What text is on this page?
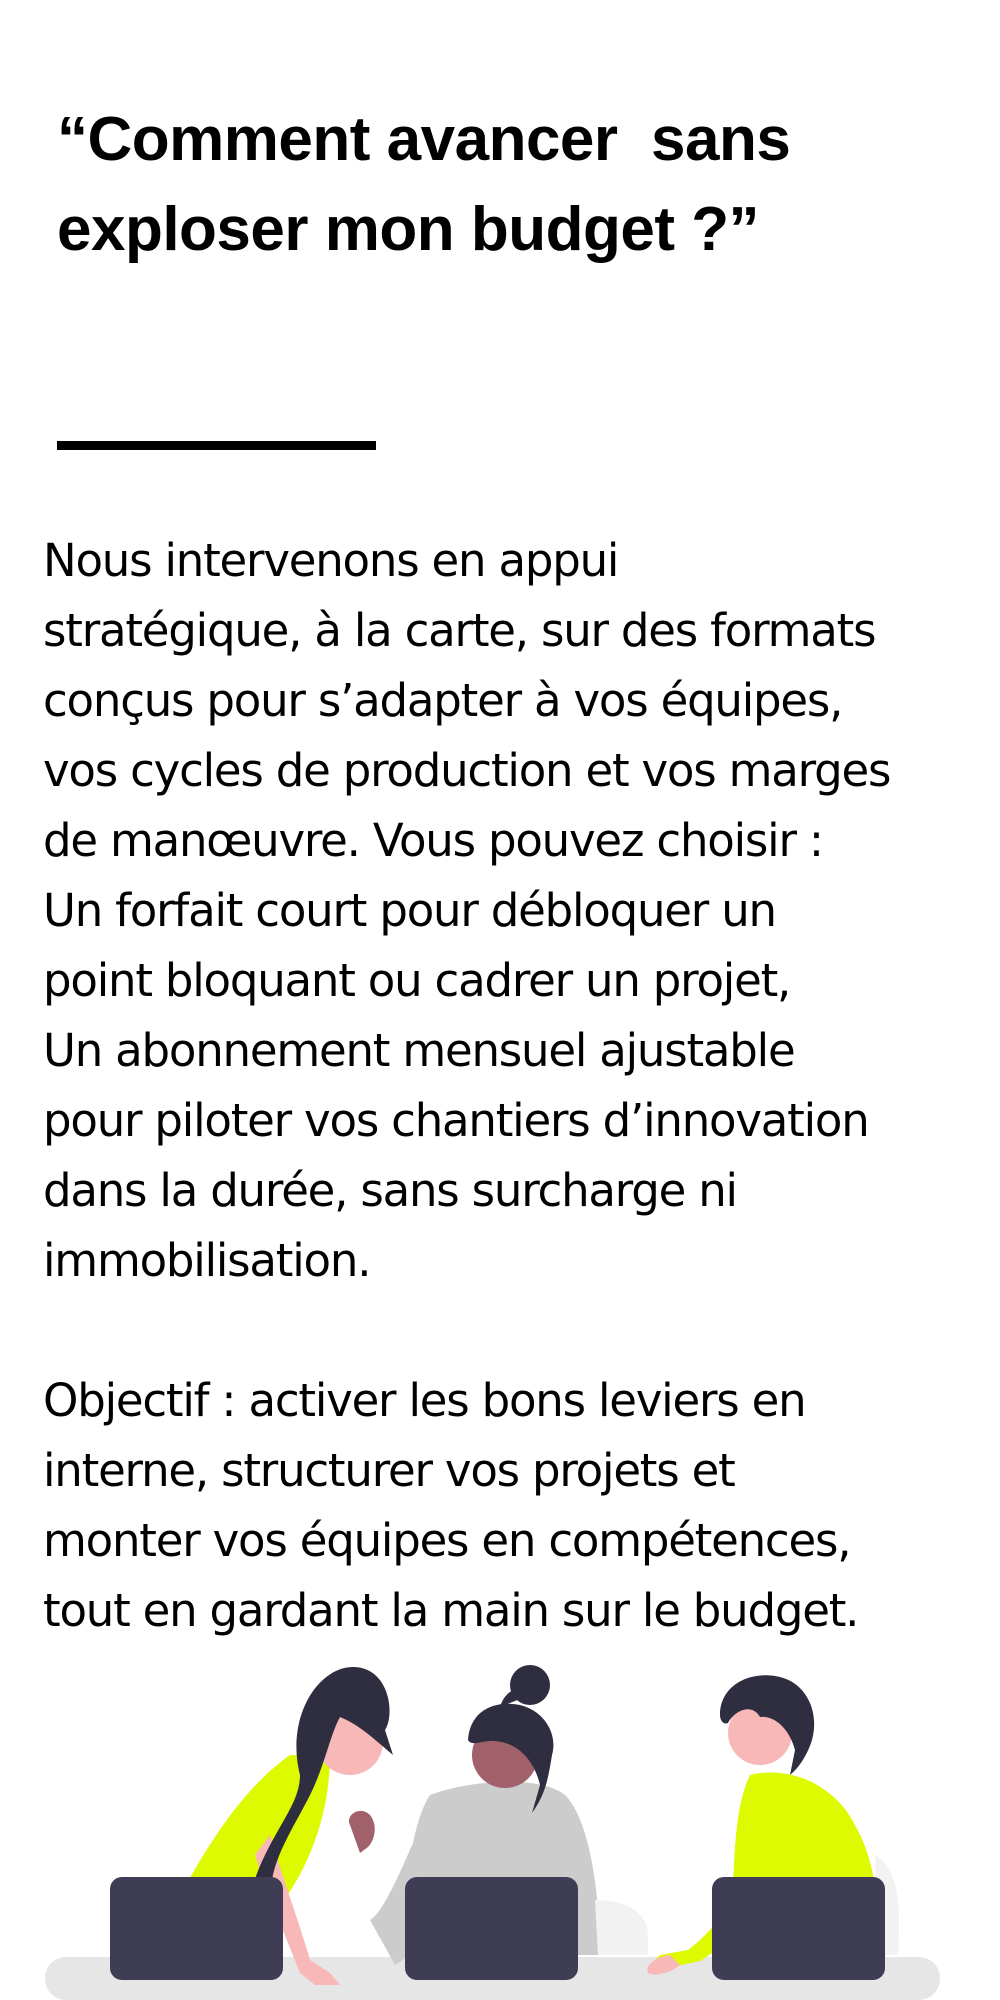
“Comment avancer  sans
exploser mon budget ?”
Nous intervenons en appui
stratégique, à la carte, sur des formats
conçus pour s’adapter à vos équipes,
vos cycles de production et vos marges
de manœuvre. Vous pouvez choisir :
Un forfait court pour débloquer un
point bloquant ou cadrer un projet,
Un abonnement mensuel ajustable
pour piloter vos chantiers d’innovation
dans la durée, sans surcharge ni
immobilisation.
Objectif : activer les bons leviers en
interne, structurer vos projets et
monter vos équipes en compétences,
tout en gardant la main sur le budget.
